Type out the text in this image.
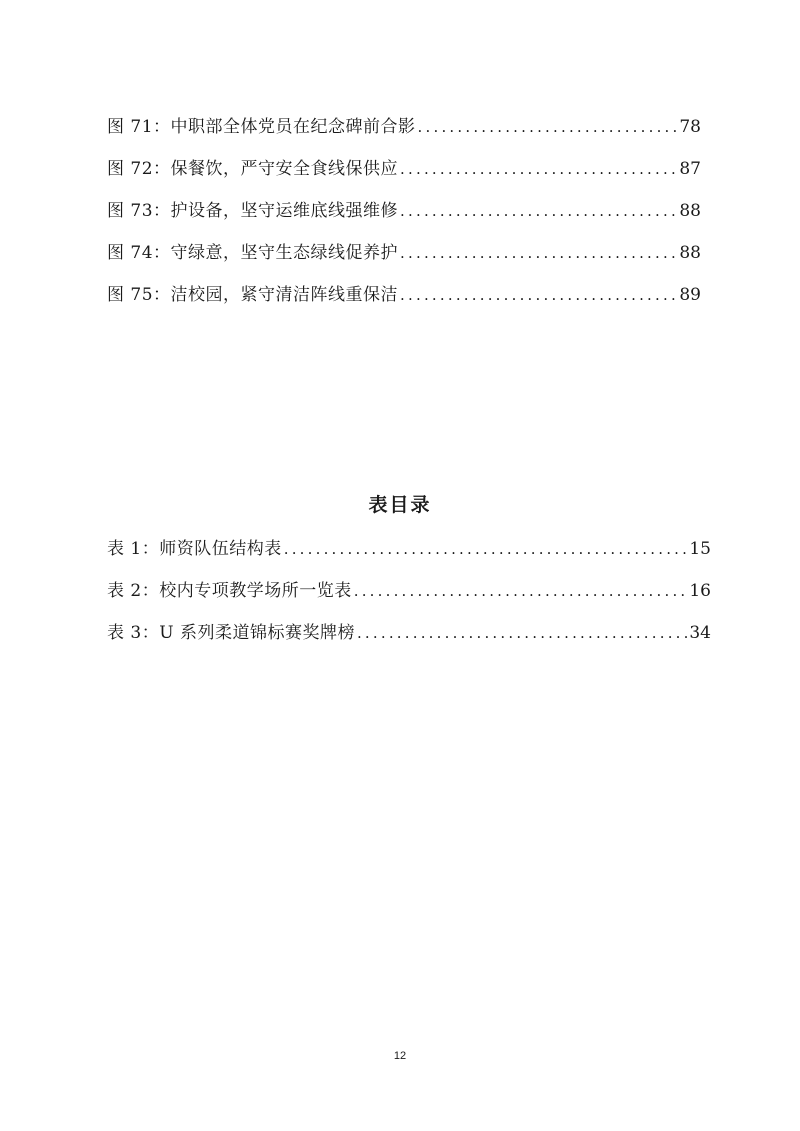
图 71：中职部全体党员在纪念碑前合影 .....	78
图 72：保餐饮，严守安全食线保供应 .....	87
图 73：护设备，坚守运维底线强维修 .....	88
图 74：守绿意，坚守生态绿线促养护 .....	88
图 75：洁校园，紧守清洁阵线重保洁 .....	89
表目录
表 1：师资队伍结构表 .....	15
表 2：校内专项教学场所一览表 .....	16
表 3：U 系列柔道锦标赛奖牌榜 .....	34
12
